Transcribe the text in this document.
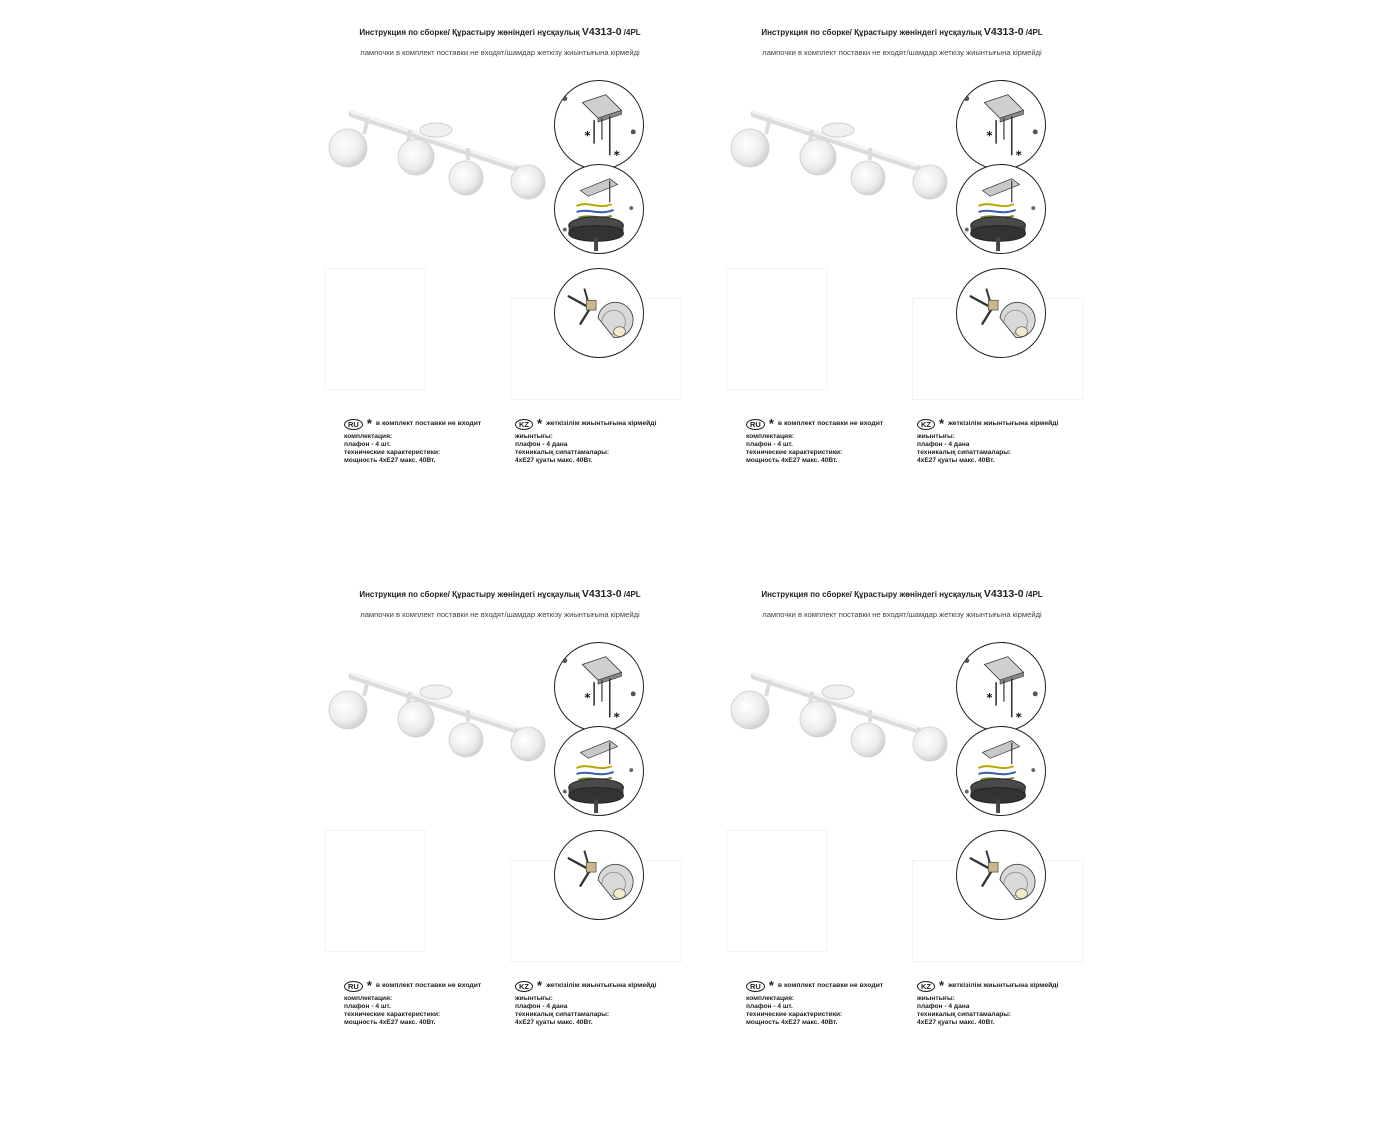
Инструкция по сборке/ Құрастыру жөніндегі нұсқаулық V4313-0 /4PL
лампочки в комплект поставки не входят/шамдар жеткізу жиынтығына кірмейді
*
*
RU * в комплект поставки не входит
комплектация:
плафон - 4 шт.
технические характеристики:
мощность 4xE27 макс. 40Вт.
KZ * жеткізілім жиынтығына кірмейді
жиынтығы:
плафон - 4 дана
техникалық сипаттамалары:
4xE27 қуаты макс. 40Вт.
Инструкция по сборке/ Құрастыру жөніндегі нұсқаулық V4313-0 /4PL
лампочки в комплект поставки не входят/шамдар жеткізу жиынтығына кірмейді
*
*
RU * в комплект поставки не входит
комплектация:
плафон - 4 шт.
технические характеристики:
мощность 4xE27 макс. 40Вт.
KZ * жеткізілім жиынтығына кірмейді
жиынтығы:
плафон - 4 дана
техникалық сипаттамалары:
4xE27 қуаты макс. 40Вт.
Инструкция по сборке/ Құрастыру жөніндегі нұсқаулық V4313-0 /4PL
лампочки в комплект поставки не входят/шамдар жеткізу жиынтығына кірмейді
*
*
RU * в комплект поставки не входит
комплектация:
плафон - 4 шт.
технические характеристики:
мощность 4xE27 макс. 40Вт.
KZ * жеткізілім жиынтығына кірмейді
жиынтығы:
плафон - 4 дана
техникалық сипаттамалары:
4xE27 қуаты макс. 40Вт.
Инструкция по сборке/ Құрастыру жөніндегі нұсқаулық V4313-0 /4PL
лампочки в комплект поставки не входят/шамдар жеткізу жиынтығына кірмейді
*
*
RU * в комплект поставки не входит
комплектация:
плафон - 4 шт.
технические характеристики:
мощность 4xE27 макс. 40Вт.
KZ * жеткізілім жиынтығына кірмейді
жиынтығы:
плафон - 4 дана
техникалық сипаттамалары:
4xE27 қуаты макс. 40Вт.
